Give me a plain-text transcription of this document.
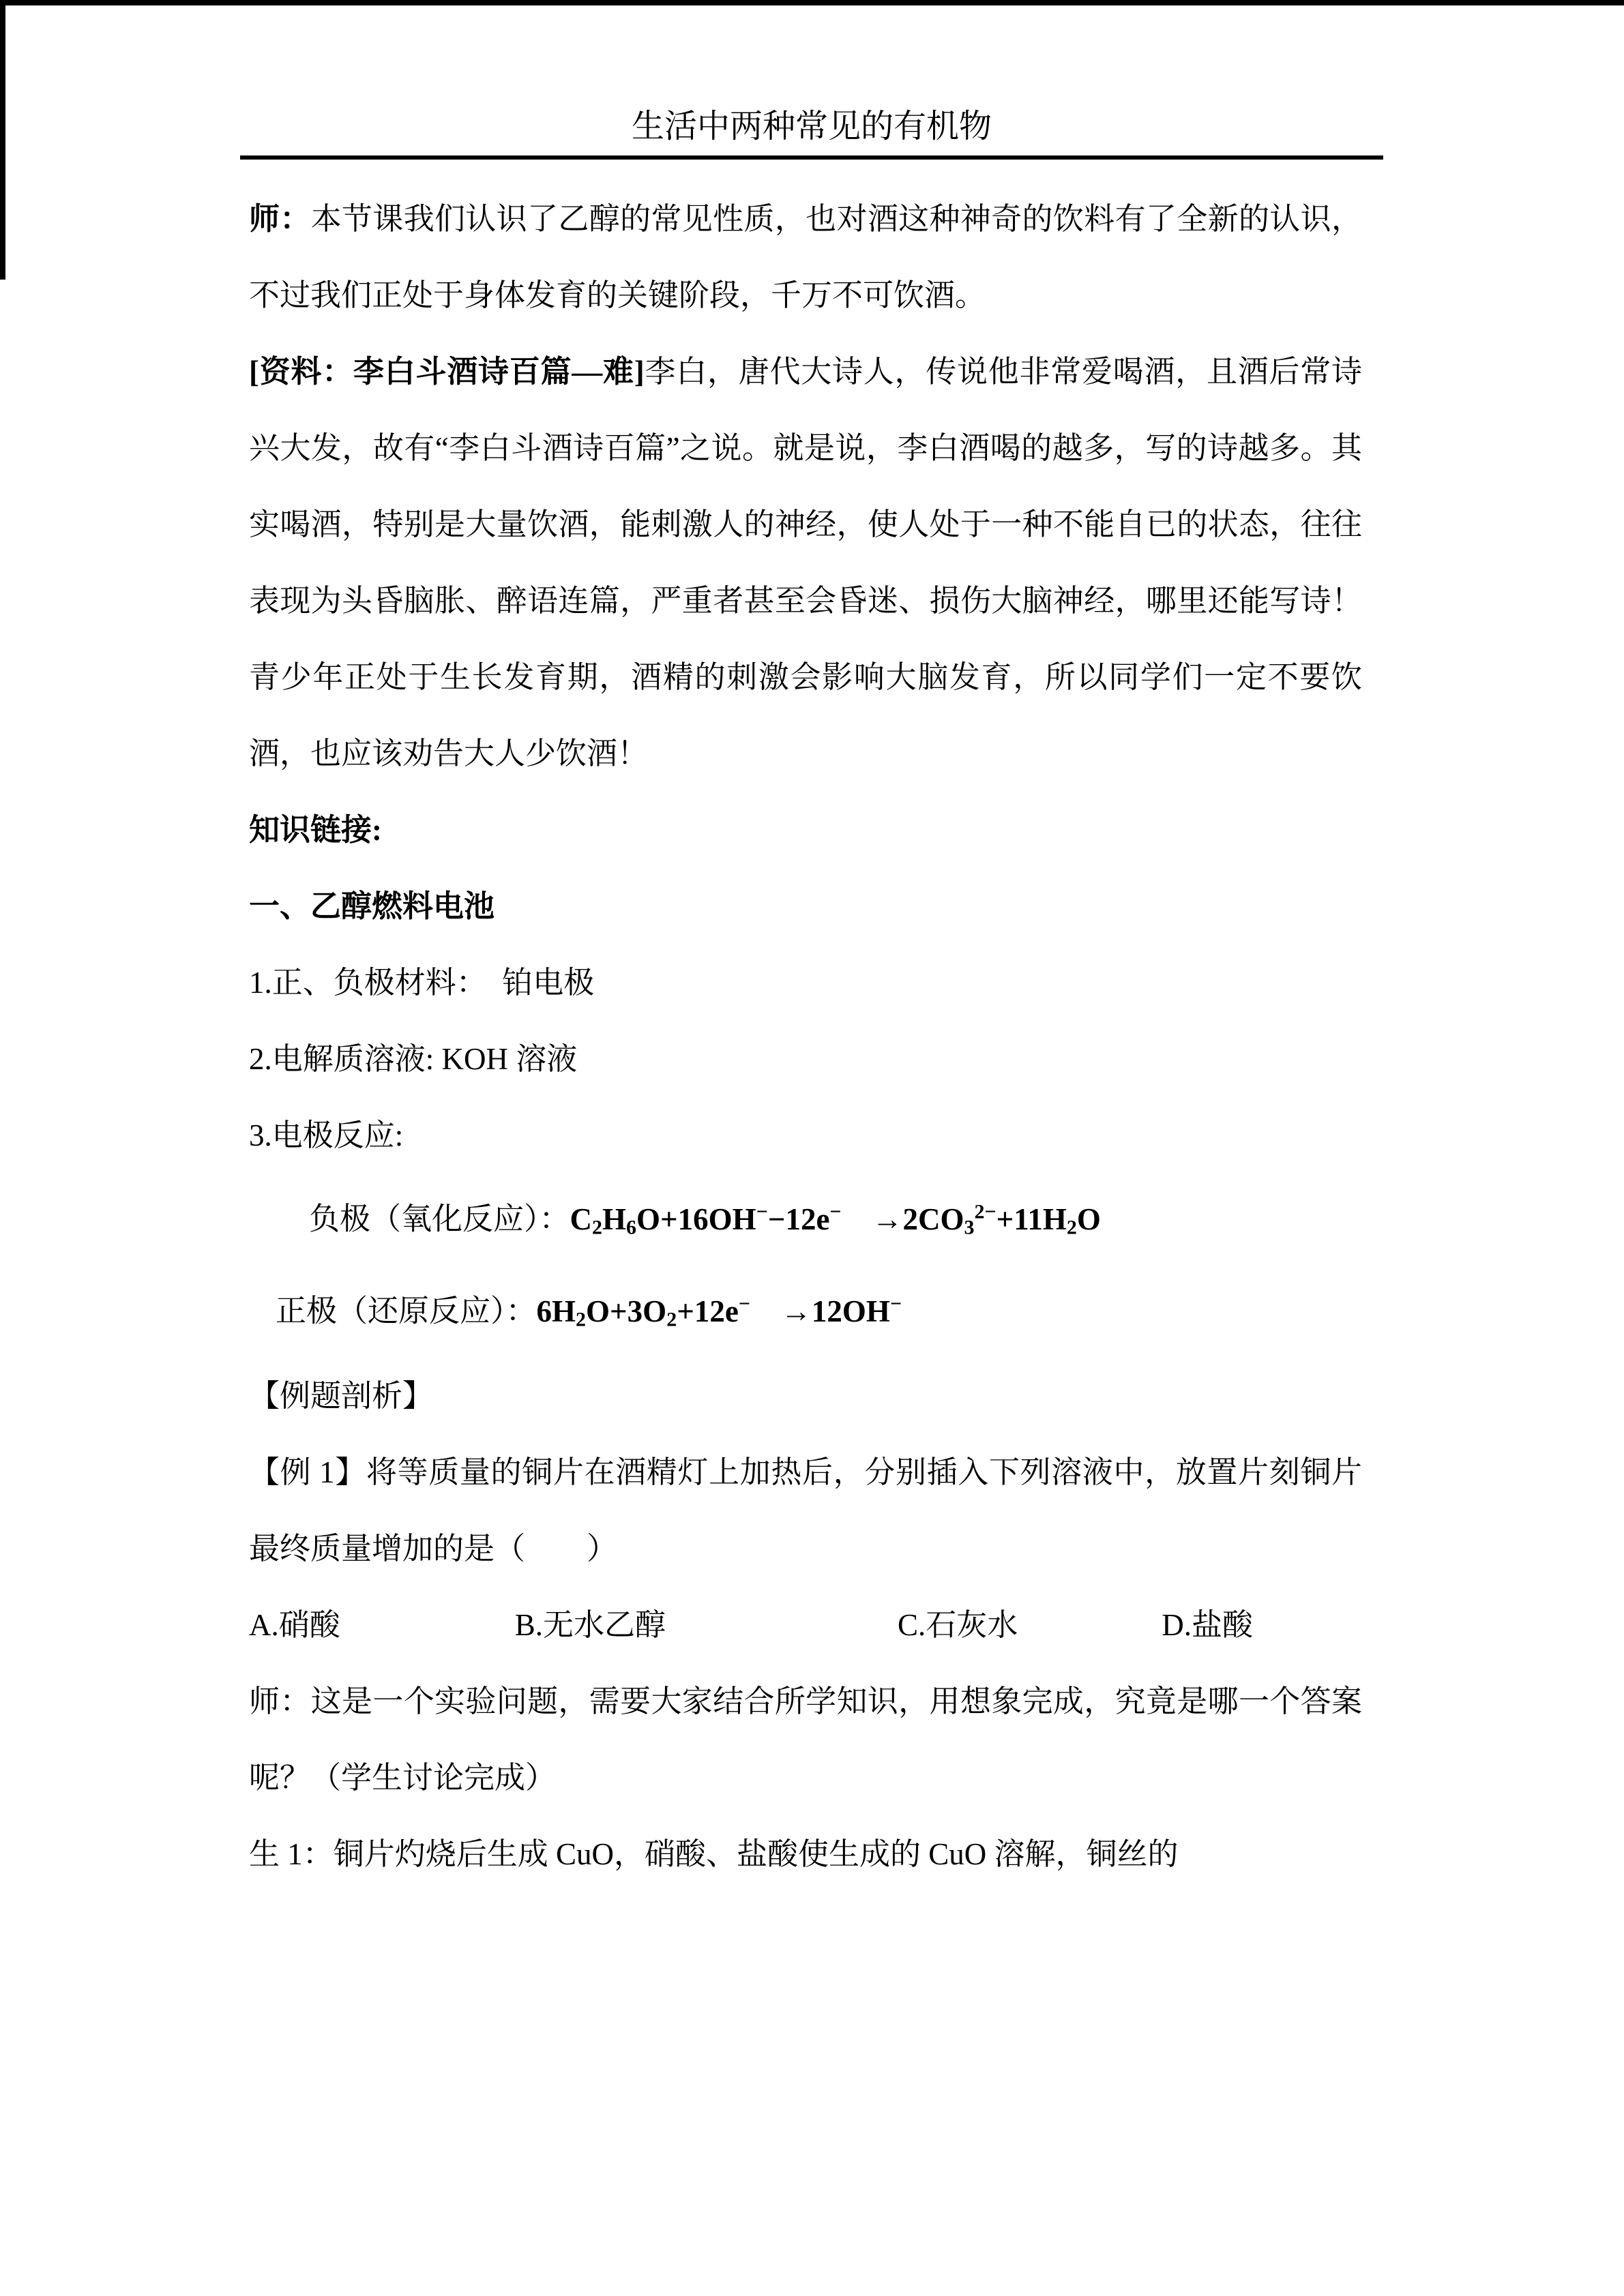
生活中两种常见的有机物

师：本节课我们认识了乙醇的常见性质，也对酒这种神奇的饮料有了全新的认识，不过我们正处于身体发育的关键阶段，千万不可饮酒。

[资料：李白斗酒诗百篇—难]李白，唐代大诗人，传说他非常爱喝酒，且酒后常诗兴大发，故有“李白斗酒诗百篇”之说。就是说，李白酒喝的越多，写的诗越多。其实喝酒，特别是大量饮酒，能刺激人的神经，使人处于一种不能自已的状态，往往表现为头昏脑胀、醉语连篇，严重者甚至会昏迷、损伤大脑神经，哪里还能写诗！青少年正处于生长发育期，酒精的刺激会影响大脑发育，所以同学们一定不要饮酒，也应该劝告大人少饮酒！

知识链接:

一、乙醇燃料电池

1.正、负极材料：　铂电极

2.电解质溶液: KOH 溶液

3.电极反应:

负极（氧化反应）：$C_2H_6O+16OH^--12e^-$　$\to 2CO_3^{2-}+11H_2O$

正极（还原反应）：$6H_2O+3O_2+12e^-$　→12OH−

【例题剖析】

【例 1】将等质量的铜片在酒精灯上加热后，分别插入下列溶液中，放置片刻铜片最终质量增加的是（　　）

A.硝酸	B.无水乙醇	C.石灰水	D.盐酸

师：这是一个实验问题，需要大家结合所学知识，用想象完成，究竟是哪一个答案呢？（学生讨论完成）

生 1：铜片灼烧后生成 CuO，硝酸、盐酸使生成的 CuO 溶解，铜丝的
